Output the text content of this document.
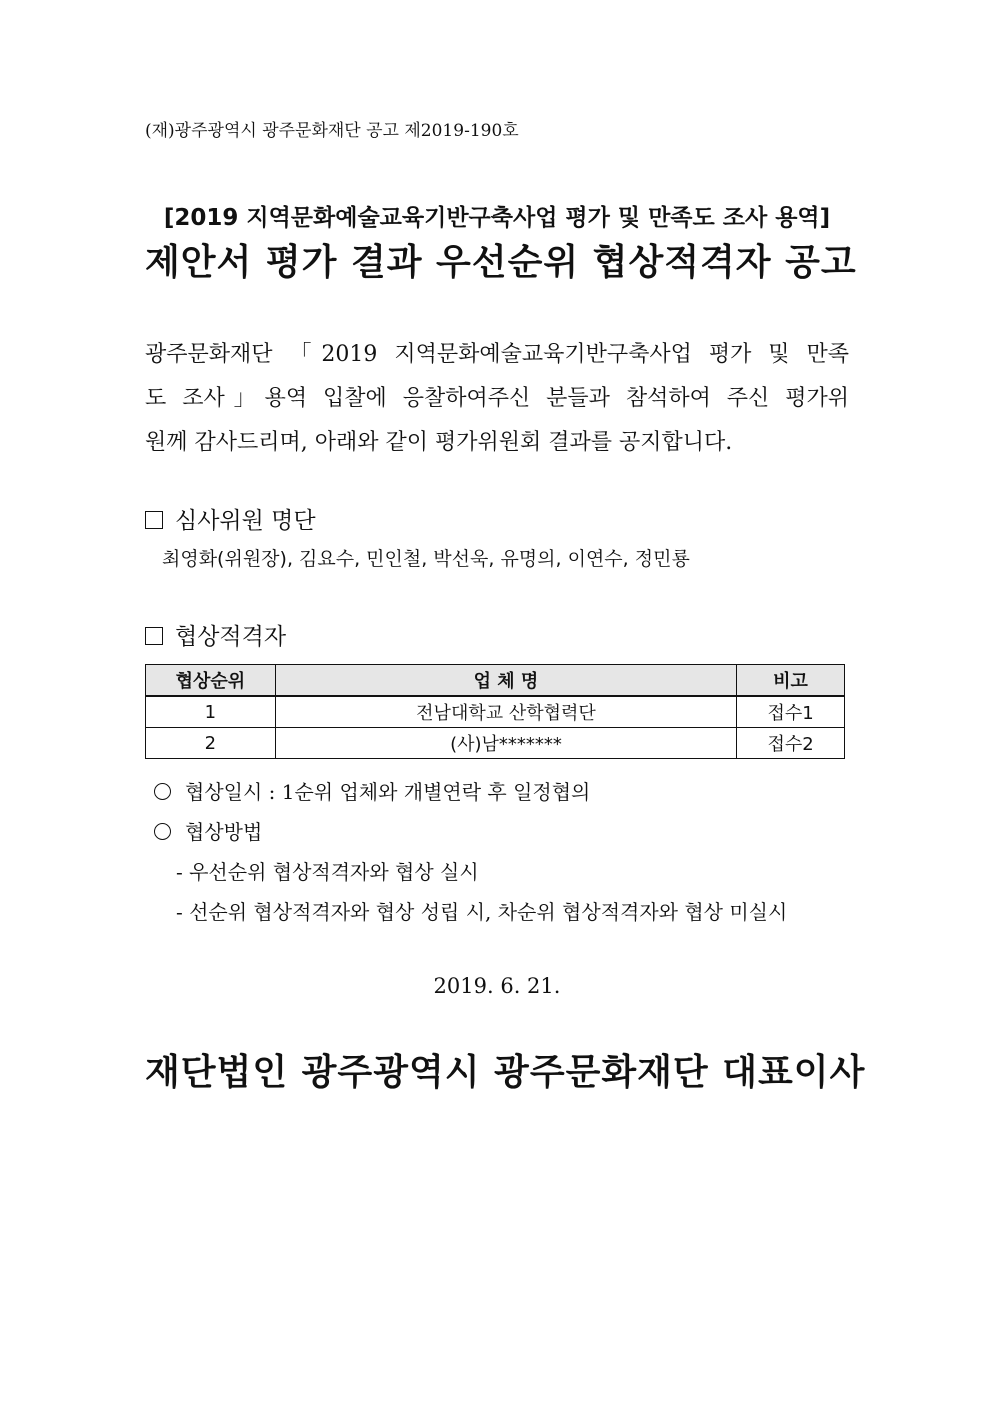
(재)광주광역시 광주문화재단 공고 제2019-190호
[2019 지역문화예술교육기반구축사업 평가 및 만족도 조사 용역]
제안서 평가 결과 우선순위 협상적격자 공고
광주문화재단 「2019 지역문화예술교육기반구축사업 평가 및 만족
도 조사」용역 입찰에 응찰하여주신 분들과 참석하여 주신 평가위
원께 감사드리며, 아래와 같이 평가위원회 결과를 공지합니다.
심사위원 명단
최영화(위원장), 김요수, 민인철, 박선욱, 유명의, 이연수, 정민룡
협상적격자
협상순위	업 체 명	비고
1	전남대학교 산학협력단	접수1
2	(사)남*******	접수2
협상일시 : 1순위 업체와 개별연락 후 일정협의
협상방법
- 우선순위 협상적격자와 협상 실시
- 선순위 협상적격자와 협상 성립 시, 차순위 협상적격자와 협상 미실시
2019. 6. 21.
재단법인 광주광역시 광주문화재단 대표이사
